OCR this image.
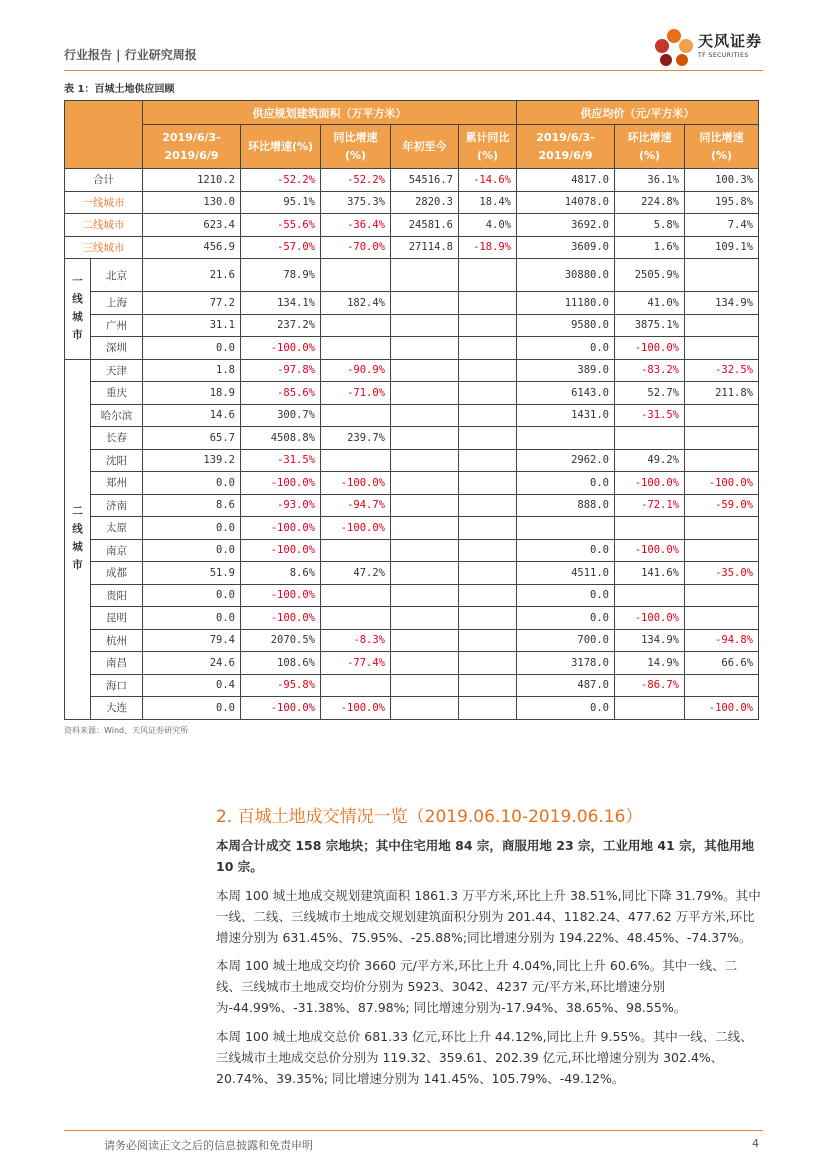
行业报告 | 行业研究周报
天风证券
TF SECURITIES
表 1：百城土地供应回顾
		供应规划建筑面积（万平方米）					供应均价（元/平方米）		
		2019/6/3-2019/6/9	环比增速(%)	同比增速(%)	年初至今	累计同比(%)	2019/6/3-2019/6/9	环比增速(%)	同比增速(%)
合计		1210.2	-52.2%	-52.2%	54516.7	-14.6%	4817.0	36.1%	100.3%
一线城市		130.0	95.1%	375.3%	2820.3	18.4%	14078.0	224.8%	195.8%
二线城市		623.4	-55.6%	-36.4%	24581.6	4.0%	3692.0	5.8%	7.4%
三线城市		456.9	-57.0%	-70.0%	27114.8	-18.9%	3609.0	1.6%	109.1%
一线城市	北京	21.6	78.9%				30880.0	2505.9%	
	上海	77.2	134.1%	182.4%			11180.0	41.0%	134.9%
	广州	31.1	237.2%				9580.0	3875.1%	
	深圳	0.0	-100.0%				0.0	-100.0%	
二线城市	天津	1.8	-97.8%	-90.9%			389.0	-83.2%	-32.5%
	重庆	18.9	-85.6%	-71.0%			6143.0	52.7%	211.8%
	哈尔滨	14.6	300.7%				1431.0	-31.5%	
	长春	65.7	4508.8%	239.7%					
	沈阳	139.2	-31.5%				2962.0	49.2%	
	郑州	0.0	-100.0%	-100.0%			0.0	-100.0%	-100.0%
	济南	8.6	-93.0%	-94.7%			888.0	-72.1%	-59.0%
	太原	0.0	-100.0%	-100.0%					
	南京	0.0	-100.0%				0.0	-100.0%	
	成都	51.9	8.6%	47.2%			4511.0	141.6%	-35.0%
	贵阳	0.0	-100.0%				0.0		
	昆明	0.0	-100.0%				0.0	-100.0%	
	杭州	79.4	2070.5%	-8.3%			700.0	134.9%	-94.8%
	南昌	24.6	108.6%	-77.4%			3178.0	14.9%	66.6%
	海口	0.4	-95.8%				487.0	-86.7%	
	大连	0.0	-100.0%	-100.0%			0.0		-100.0%
资料来源：Wind、天风证券研究所
2. 百城土地成交情况一览（2019.06.10-2019.06.16）
本周合计成交 158 宗地块；其中住宅用地 84 宗，商服用地 23 宗，工业用地 41 宗，其他用地 10 宗。
本周 100 城土地成交规划建筑面积 1861.3 万平方米,环比上升 38.51%,同比下降 31.79%。其中一线、二线、三线城市土地成交规划建筑面积分别为 201.44、1182.24、477.62 万平方米,环比增速分别为 631.45%、75.95%、-25.88%;同比增速分别为 194.22%、48.45%、-74.37%。
本周 100 城土地成交均价 3660 元/平方米,环比上升 4.04%,同比上升 60.6%。其中一线、二线、三线城市土地成交均价分别为 5923、3042、4237 元/平方米,环比增速分别为-44.99%、-31.38%、87.98%; 同比增速分别为-17.94%、38.65%、98.55%。
本周 100 城土地成交总价 681.33 亿元,环比上升 44.12%,同比上升 9.55%。其中一线、二线、三线城市土地成交总价分别为 119.32、359.61、202.39 亿元,环比增速分别为 302.4%、20.74%、39.35%; 同比增速分别为 141.45%、105.79%、-49.12%。
请务必阅读正文之后的信息披露和免责申明	4
